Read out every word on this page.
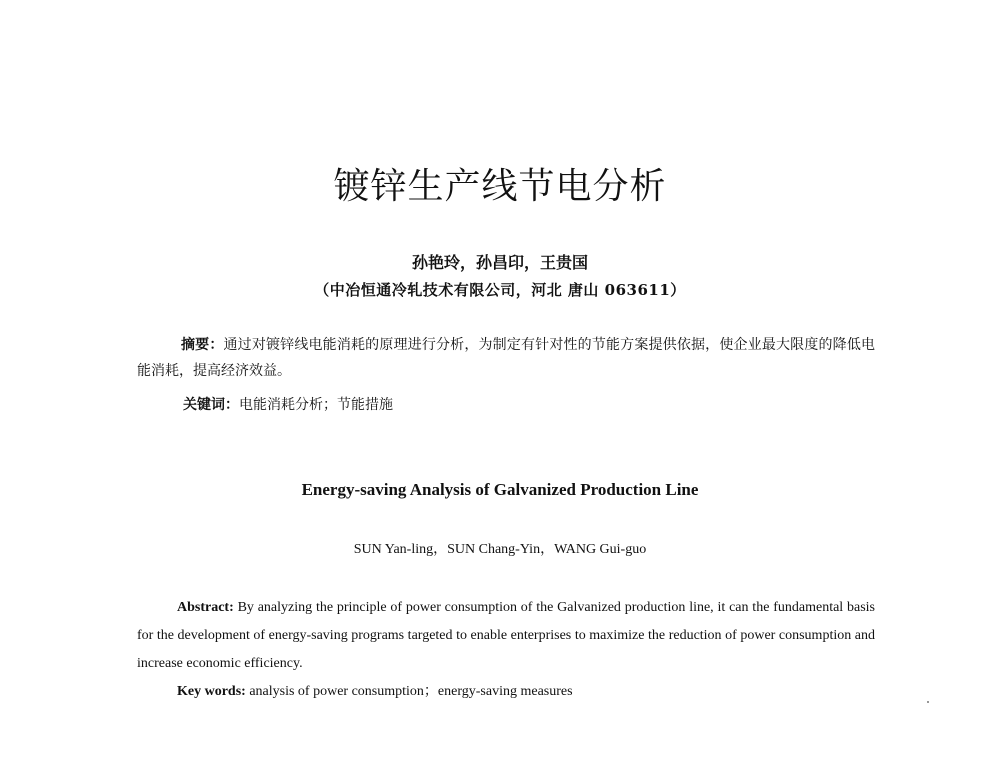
镀锌生产线节电分析
孙艳玲，孙昌印，王贵国
（中冶恒通冷轧技术有限公司，河北 唐山 063611）
摘要：通过对镀锌线电能消耗的原理进行分析，为制定有针对性的节能方案提供依据，使企业最大限度的降低电能消耗，提高经济效益。
关键词：电能消耗分析；节能措施
Energy-saving Analysis of Galvanized Production Line
SUN Yan-ling，SUN Chang-Yin，WANG Gui-guo
Abstract: By analyzing the principle of power consumption of the Galvanized production line, it can the fundamental basis for the development of energy-saving programs targeted to enable enterprises to maximize the reduction of power consumption and increase economic efficiency.
Key words: analysis of power consumption；energy-saving measures
